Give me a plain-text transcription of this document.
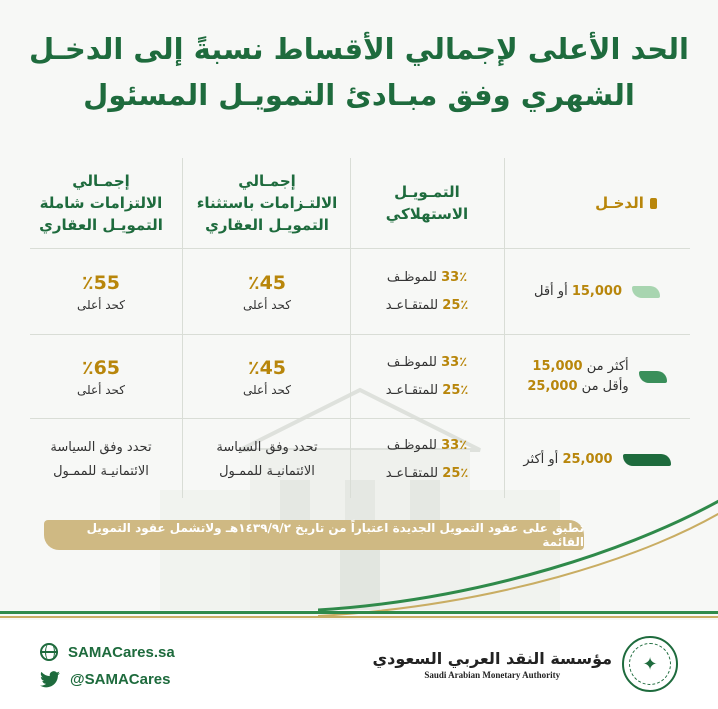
الحد الأعلى لإجمالي الأقساط نسبةً إلى الدخـل
الشهري وفق مبـادئ التمويـل المسئول
الدخـل
التمـويـل
الاستهلاكي
إجمـالي
الالتـزامات باستثناء
التمويـل العقاري
إجمـالي
الالتزامات شاملة
التمويـل العقاري
15,000 أو أقل
33٪ للموظـف
25٪ للمتقـاعـد
٪45
كحد أعلى
٪55
كحد أعلى
أكثر من 15,000
وأقل من 25,000
33٪ للموظـف
25٪ للمتقـاعـد
٪45
كحد أعلى
٪65
كحد أعلى
25,000 أو أكثر
33٪ للموظـف
25٪ للمتقـاعـد
تحدد وفق السياسة
الائتمانيـة للممـول
تحدد وفق السياسة
الائتمانيـة للممـول
تطبق على عقود التمويل الجديدة اعتباراً من تاريخ ١٤٣٩/٩/٢هـ ولاتشمل عقود التمويل القائمة
SAMACares.sa
@SAMACares
مؤسسة النقد العربي السعودي
Saudi Arabian Monetary Authority	✦
